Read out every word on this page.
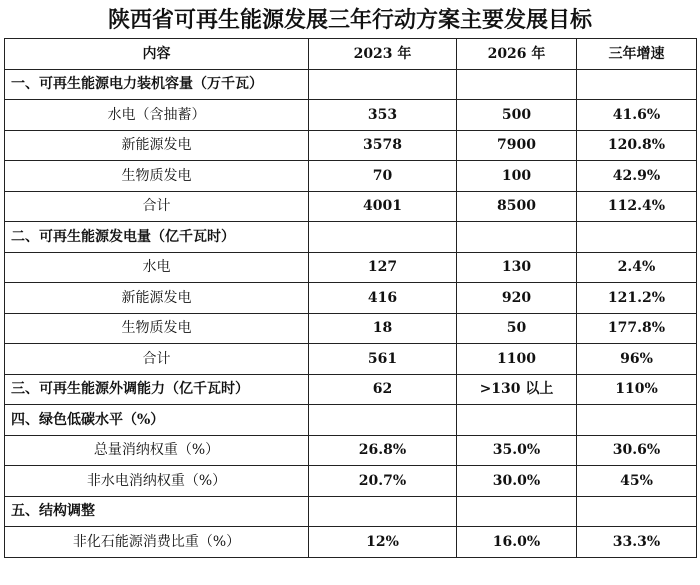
陕西省可再生能源发展三年行动方案主要发展目标
内容	2023 年	2026 年	三年增速
一、可再生能源电力装机容量（万千瓦）			
水电（含抽蓄）	353	500	41.6%
新能源发电	3578	7900	120.8%
生物质发电	70	100	42.9%
合计	4001	8500	112.4%
二、可再生能源发电量（亿千瓦时）			
水电	127	130	2.4%
新能源发电	416	920	121.2%
生物质发电	18	50	177.8%
合计	561	1100	96%
三、可再生能源外调能力（亿千瓦时）	62	>130 以上	110%
四、绿色低碳水平（%）			
总量消纳权重（%）	26.8%	35.0%	30.6%
非水电消纳权重（%）	20.7%	30.0%	45%
五、结构调整			
非化石能源消费比重（%）	12%	16.0%	33.3%
